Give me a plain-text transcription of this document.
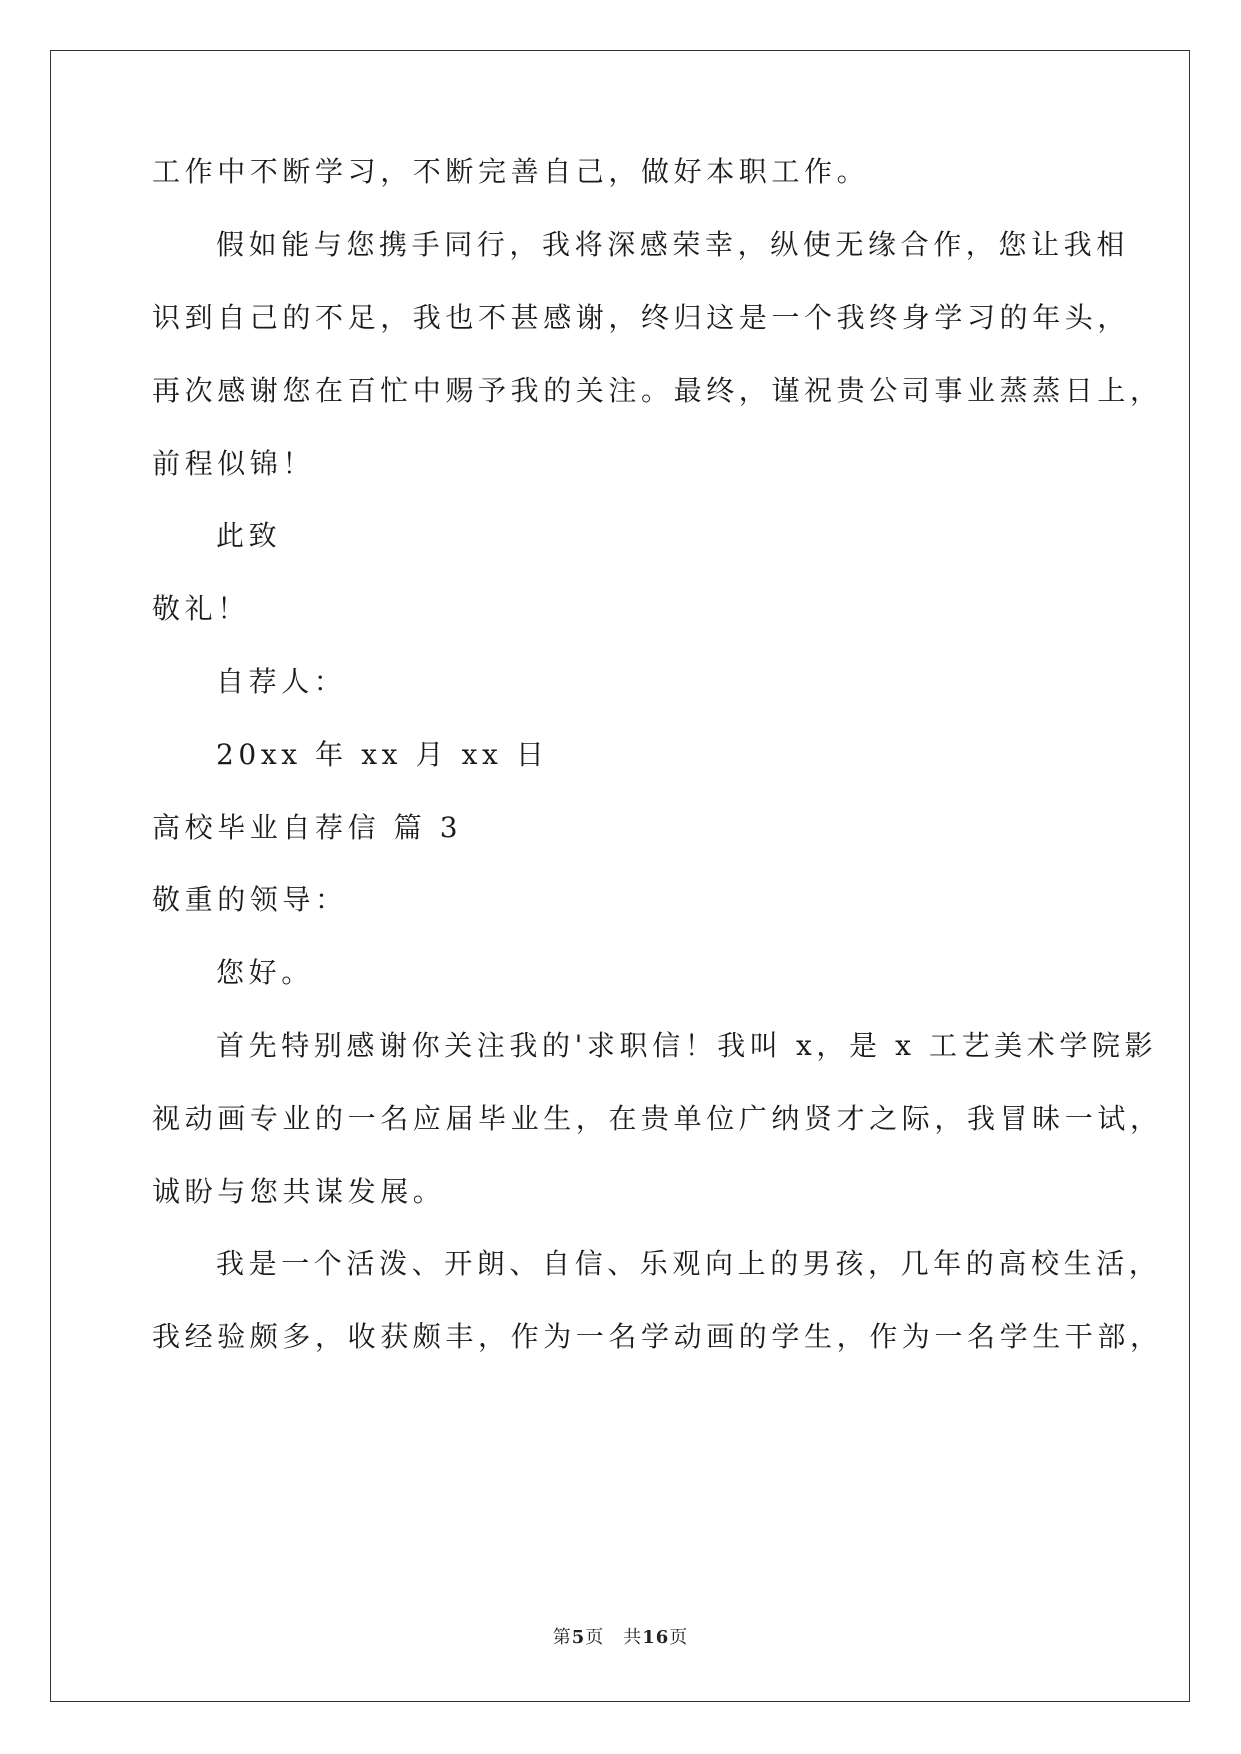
工作中不断学习，不断完善自己，做好本职工作。
假如能与您携手同行，我将深感荣幸，纵使无缘合作，您让我相
识到自己的不足，我也不甚感谢，终归这是一个我终身学习的年头，
再次感谢您在百忙中赐予我的关注。最终，谨祝贵公司事业蒸蒸日上，
前程似锦！
此致
敬礼！
自荐人：
20xx 年 xx 月 xx 日
高校毕业自荐信 篇 3
敬重的领导：
您好。
首先特别感谢你关注我的'求职信！我叫 x，是 x 工艺美术学院影
视动画专业的一名应届毕业生，在贵单位广纳贤才之际，我冒昧一试，
诚盼与您共谋发展。
我是一个活泼、开朗、自信、乐观向上的男孩，几年的高校生活，
我经验颇多，收获颇丰，作为一名学动画的学生，作为一名学生干部，
第5页　共16页
